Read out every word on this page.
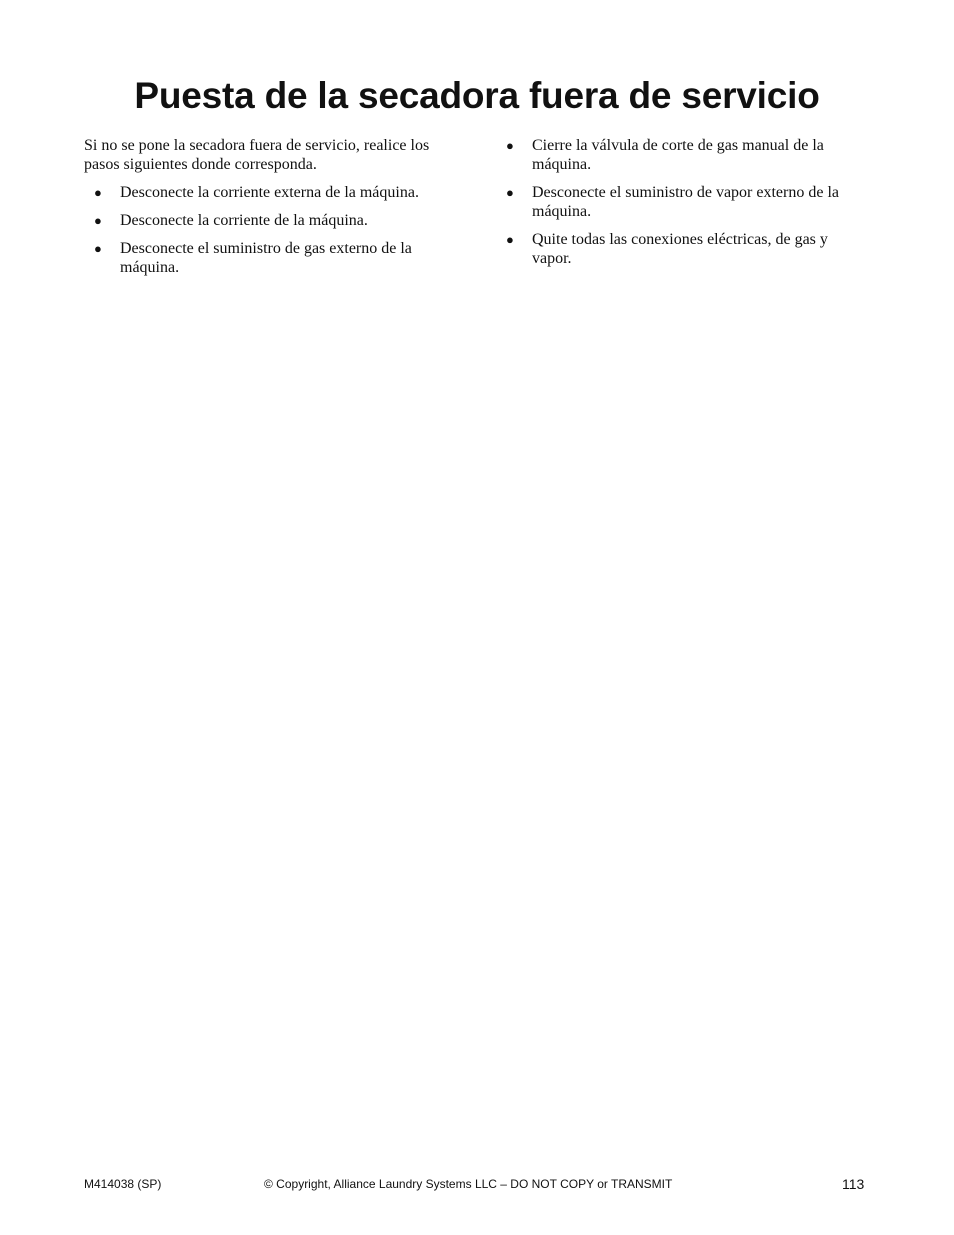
Puesta de la secadora fuera de servicio

Si no se pone la secadora fuera de servicio, realice los pasos siguientes donde corresponda.

● Desconecte la corriente externa de la máquina.
● Desconecte la corriente de la máquina.
● Desconecte el suministro de gas externo de la máquina.
● Cierre la válvula de corte de gas manual de la máquina.
● Desconecte el suministro de vapor externo de la máquina.
● Quite todas las conexiones eléctricas, de gas y vapor.
M414038 (SP)	© Copyright, Alliance Laundry Systems LLC – DO NOT COPY or TRANSMIT	113
